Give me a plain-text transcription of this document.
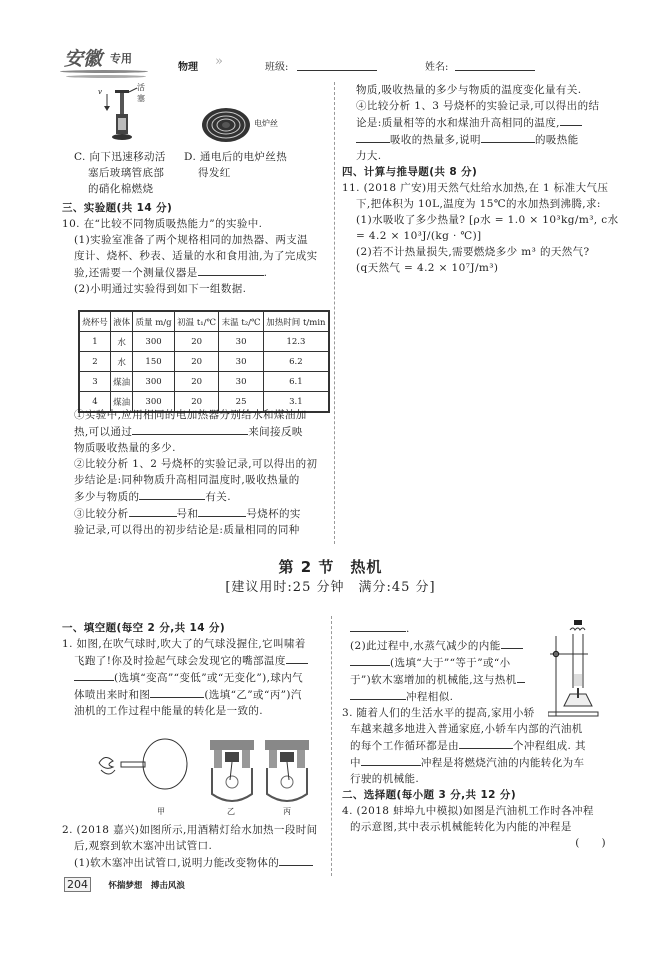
安徽 专用
物理 »	班级:	姓名:
v	活塞
电炉丝
C. 向下迅速移动活
塞后玻璃管底部
的硝化棉燃烧
D. 通电后的电炉丝热
得发红
三、实验题(共 14 分)
10. 在“比较不同物质吸热能力”的实验中.
(1)实验室准备了两个规格相同的加热器、两支温
度计、烧杯、秒表、适量的水和食用油,为了完成实
验,还需要一个测量仪器是	.
(2)小明通过实验得到如下一组数据.
烧杯号	液体	质量 m/g	初温 t₁/℃	末温 t₂/℃	加热时间 t/min
1	水	300	20	30	12.3
2	水	150	20	30	6.2
3	煤油	300	20	30	6.1
4	煤油	300	20	25	3.1
①实验中,应用相同的电加热器分别给水和煤油加
热,可以通过	来间接反映
物质吸收热量的多少.
②比较分析 1、2 号烧杯的实验记录,可以得出的初
步结论是:同种物质升高相同温度时,吸收热量的
多少与物质的	有关.
③比较分析	号和	号烧杯的实
验记录,可以得出的初步结论是:质量相同的同种
物质,吸收热量的多少与物质的温度变化量有关.
④比较分析 1、3 号烧杯的实验记录,可以得出的结
论是:质量相等的水和煤油升高相同的温度,
吸收的热量多,说明	的吸热能
力大.
四、计算与推导题(共 8 分)
11. (2018 广安)用天然气灶给水加热,在 1 标准大气压
下,把体积为 10L,温度为 15℃的水加热到沸腾,求:
(1)水吸收了多少热量? [ρ水 = 1.0 × 10³kg/m³, c水
= 4.2 × 10³J/(kg · ℃)]
(2)若不计热量损失,需要燃烧多少 m³ 的天然气?
(q天然气 = 4.2 × 10⁷J/m³)
第 2 节　热机
[建议用时:25 分钟　满分:45 分]
一、填空题(每空 2 分,共 14 分)
1. 如图,在吹气球时,吹大了的气球没握住,它叫啸着
飞跑了!你及时捡起气球会发现它的嘴部温度
(选填“变高”“变低”或“无变化”),球内气
体喷出来时和图	(选填“乙”或“丙”)汽
油机的工作过程中能量的转化是一致的.
甲	乙	丙
2. (2018 嘉兴)如图所示,用酒精灯给水加热一段时间
后,观察到软木塞冲出试管口.
(1)软木塞冲出试管口,说明力能改变物体的
.
(2)此过程中,水蒸气减少的内能
(选填“大于”“等于”或“小
于”)软木塞增加的机械能,这与热机
冲程相似.
3. 随着人们的生活水平的提高,家用小轿
车越来越多地进入普通家庭,小轿车内部的汽油机
的每个工作循环都是由	个冲程组成. 其
中	冲程是将燃烧汽油的内能转化为车
行驶的机械能.
二、选择题(每小题 3 分,共 12 分)
4. (2018 蚌埠九中模拟)如图是汽油机工作时各冲程
的示意图,其中表示机械能转化为内能的冲程是
(　　)
204 怀揣梦想　搏击风浪
